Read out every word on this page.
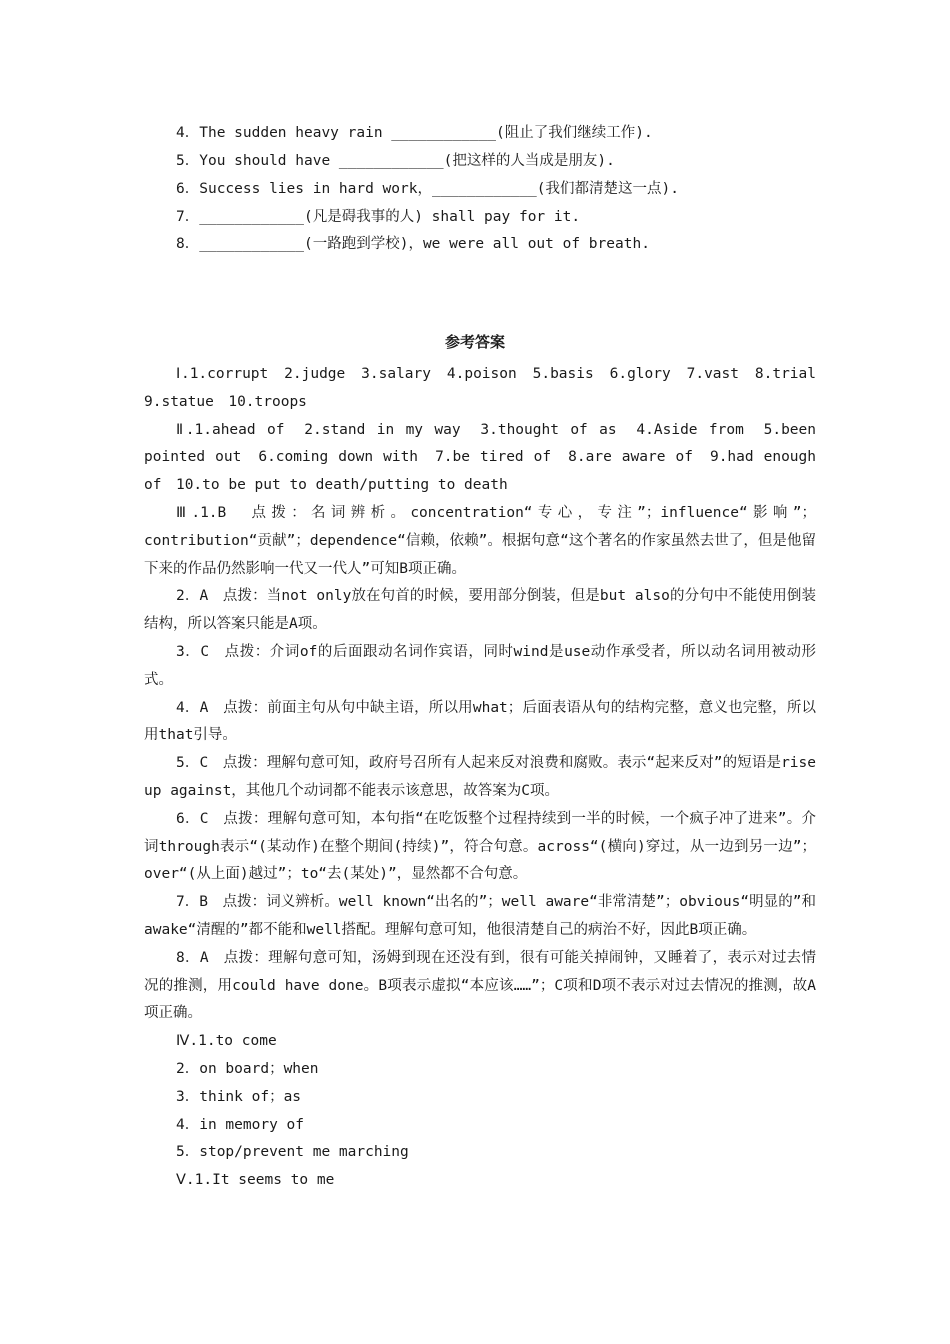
4．The sudden heavy rain ____________(阻止了我们继续工作).
5．You should have ____________(把这样的人当成是朋友).
6．Success lies in hard work，____________(我们都清楚这一点).
7．____________(凡是碍我事的人) shall pay for it.
8．____________(一路跑到学校)，we were all out of breath.
参考答案

Ⅰ.1.corrupt　2.judge　3.salary　4.poison　5.basis　6.glory　7.vast　8.trial　9.statue　10.troops

Ⅱ.1.ahead of　2.stand in my way　3.thought of as　4.Aside from　5.been pointed out　6.coming down with　7.be tired of　8.are aware of　9.had enough of　10.to be put to death/putting to death

Ⅲ.1.B　点拨：名词辨析。concentration“专心，专注”；influence“影响”；contribution“贡献”；dependence“信赖，依赖”。根据句意“这个著名的作家虽然去世了，但是他留下来的作品仍然影响一代又一代人”可知B项正确。

2．A　点拨：当not only放在句首的时候，要用部分倒装，但是but also的分句中不能使用倒装结构，所以答案只能是A项。

3．C　点拨：介词of的后面跟动名词作宾语，同时wind是use动作承受者，所以动名词用被动形式。

4．A　点拨：前面主句从句中缺主语，所以用what；后面表语从句的结构完整，意义也完整，所以用that引导。

5．C　点拨：理解句意可知，政府号召所有人起来反对浪费和腐败。表示“起来反对”的短语是rise up against，其他几个动词都不能表示该意思，故答案为C项。

6．C　点拨：理解句意可知，本句指“在吃饭整个过程持续到一半的时候，一个疯子冲了进来”。介词through表示“(某动作)在整个期间(持续)”，符合句意。across“(横向)穿过，从一边到另一边”；over“(从上面)越过”；to“去(某处)”，显然都不合句意。

7．B　点拨：词义辨析。well known“出名的”；well aware“非常清楚”；obvious“明显的”和awake“清醒的”都不能和well搭配。理解句意可知，他很清楚自己的病治不好，因此B项正确。

8．A　点拨：理解句意可知，汤姆到现在还没有到，很有可能关掉闹钟，又睡着了，表示对过去情况的推测，用could have done。B项表示虚拟“本应该……”；C项和D项不表示对过去情况的推测，故A项正确。

Ⅳ.1.to come

2．on board；when

3．think of；as

4．in memory of

5．stop/prevent me marching

Ⅴ.1.It seems to me
